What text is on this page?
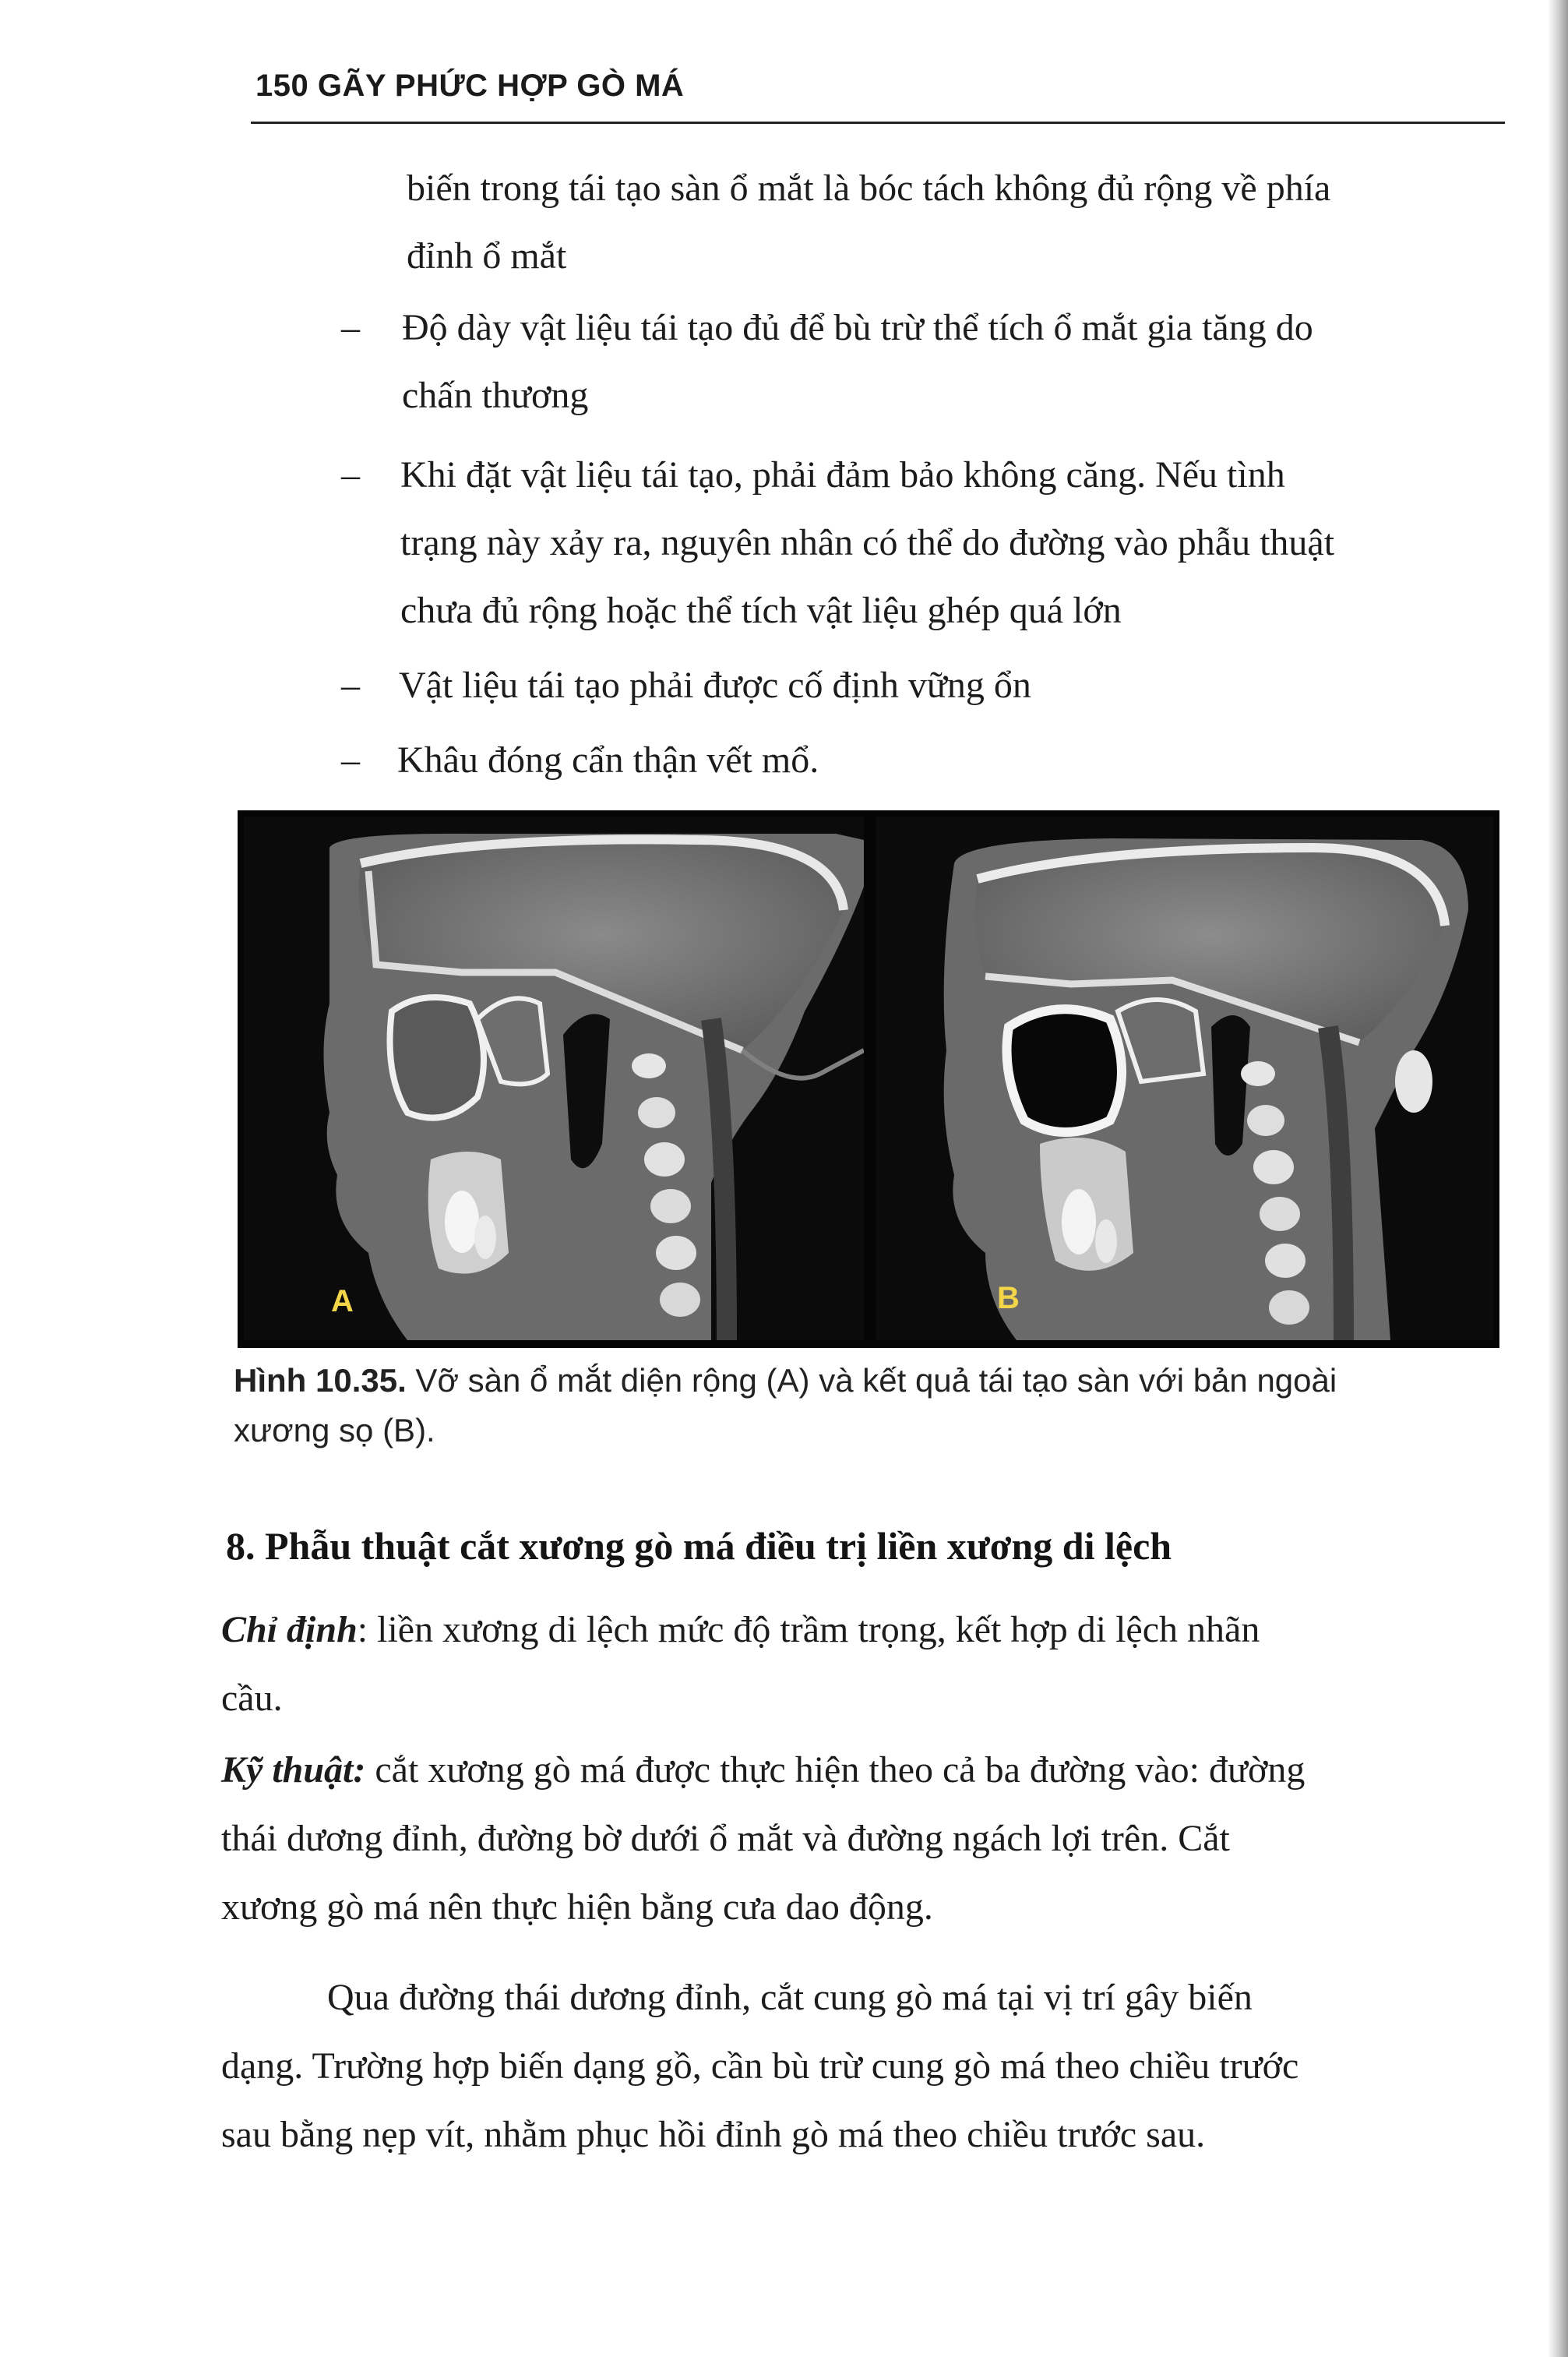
150 GÃY PHỨC HỢP GÒ MÁ
biến trong tái tạo sàn ổ mắt là bóc tách không đủ rộng về phía
đỉnh ổ mắt
– Độ dày vật liệu tái tạo đủ để bù trừ thể tích ổ mắt gia tăng do
chấn thương
– Khi đặt vật liệu tái tạo, phải đảm bảo không căng. Nếu tình
trạng này xảy ra, nguyên nhân có thể do đường vào phẫu thuật
chưa đủ rộng hoặc thể tích vật liệu ghép quá lớn
– Vật liệu tái tạo phải được cố định vững ổn
– Khâu đóng cẩn thận vết mổ.
A	B
Hình 10.35. Vỡ sàn ổ mắt diện rộng (A) và kết quả tái tạo sàn với bản ngoài
xương sọ (B).
8. Phẫu thuật cắt xương gò má điều trị liền xương di lệch
Chỉ định: liền xương di lệch mức độ trầm trọng, kết hợp di lệch nhãn
cầu.
Kỹ thuật: cắt xương gò má được thực hiện theo cả ba đường vào: đường
thái dương đỉnh, đường bờ dưới ổ mắt và đường ngách lợi trên. Cắt
xương gò má nên thực hiện bằng cưa dao động.
Qua đường thái dương đỉnh, cắt cung gò má tại vị trí gây biến
dạng. Trường hợp biến dạng gồ, cần bù trừ cung gò má theo chiều trước
sau bằng nẹp vít, nhằm phục hồi đỉnh gò má theo chiều trước sau.
